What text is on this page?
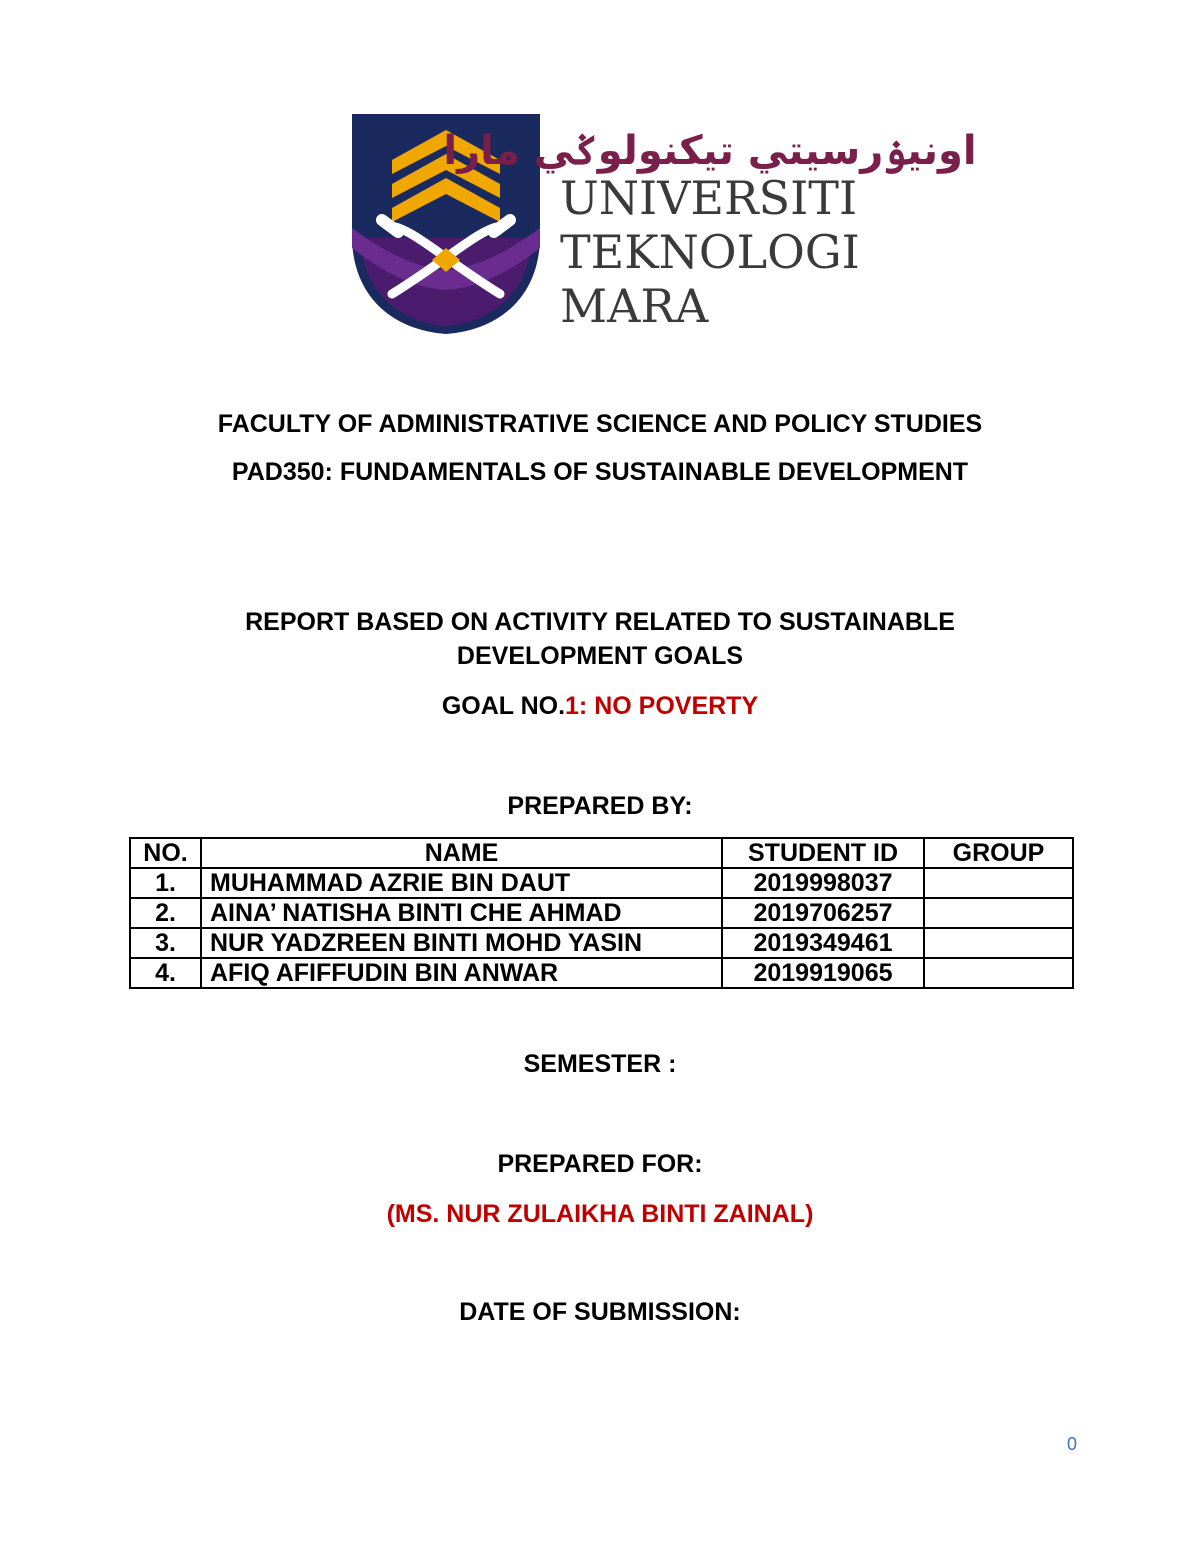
اونيۏرسيتي تيكنولوݢي مارا
UNIVERSITI
TEKNOLOGI
MARA
FACULTY OF ADMINISTRATIVE SCIENCE AND POLICY STUDIES
PAD350: FUNDAMENTALS OF SUSTAINABLE DEVELOPMENT
REPORT BASED ON ACTIVITY RELATED TO SUSTAINABLE
DEVELOPMENT GOALS
GOAL NO.1: NO POVERTY
PREPARED BY:
NO.	NAME	STUDENT ID	GROUP
1.	MUHAMMAD AZRIE BIN DAUT	2019998037	
2.	AINA’ NATISHA BINTI CHE AHMAD	2019706257	
3.	NUR YADZREEN BINTI MOHD YASIN	2019349461	
4.	AFIQ AFIFFUDIN BIN ANWAR	2019919065	
SEMESTER :
PREPARED FOR:
(MS. NUR ZULAIKHA BINTI ZAINAL)
DATE OF SUBMISSION:
0
